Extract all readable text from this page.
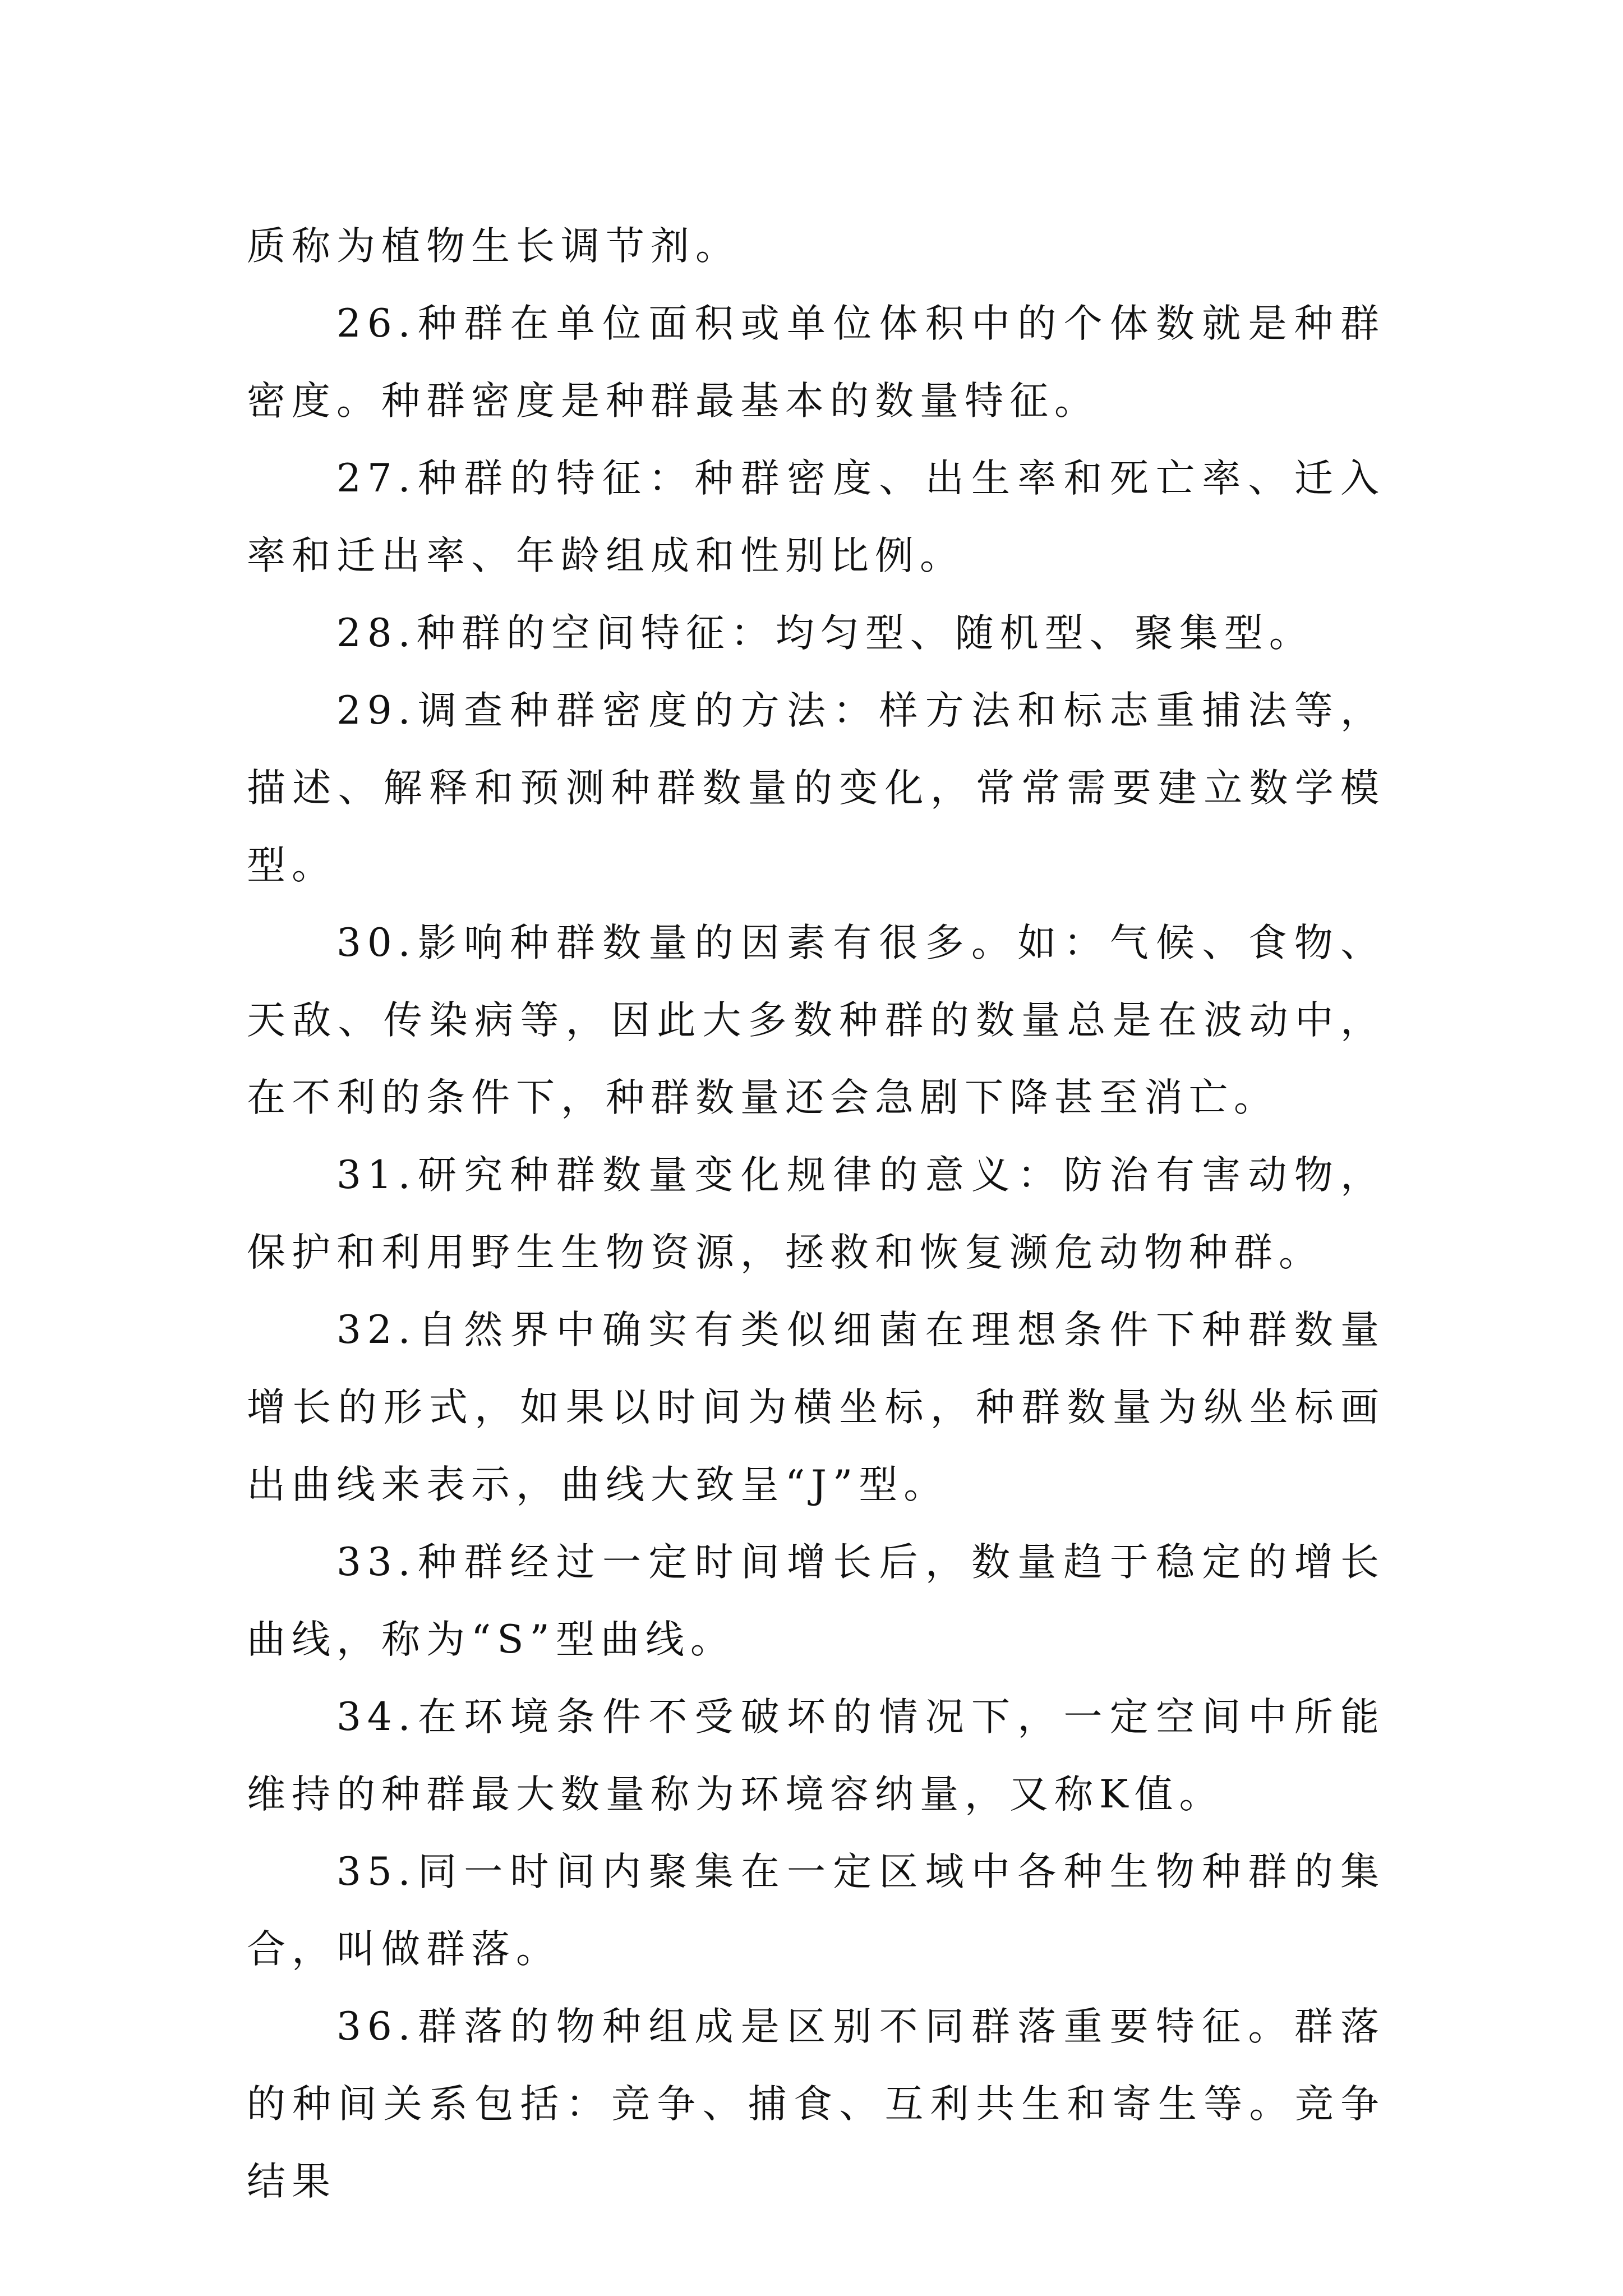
质称为植物生长调节剂。

26.种群在单位面积或单位体积中的个体数就是种群密度。种群密度是种群最基本的数量特征。

27.种群的特征：种群密度、出生率和死亡率、迁入率和迁出率、年龄组成和性别比例。

28.种群的空间特征：均匀型、随机型、聚集型。

29.调查种群密度的方法：样方法和标志重捕法等，描述、解释和预测种群数量的变化，常常需要建立数学模型。

30.影响种群数量的因素有很多。如：气候、食物、天敌、传染病等，因此大多数种群的数量总是在波动中，在不利的条件下，种群数量还会急剧下降甚至消亡。

31.研究种群数量变化规律的意义：防治有害动物，保护和利用野生生物资源，拯救和恢复濒危动物种群。

32.自然界中确实有类似细菌在理想条件下种群数量增长的形式，如果以时间为横坐标，种群数量为纵坐标画出曲线来表示，曲线大致呈“J”型。

33.种群经过一定时间增长后，数量趋于稳定的增长曲线，称为“S”型曲线。

34.在环境条件不受破坏的情况下，一定空间中所能维持的种群最大数量称为环境容纳量，又称K值。

35.同一时间内聚集在一定区域中各种生物种群的集合，叫做群落。

36.群落的物种组成是区别不同群落重要特征。群落的种间关系包括：竞争、捕食、互利共生和寄生等。竞争结果
